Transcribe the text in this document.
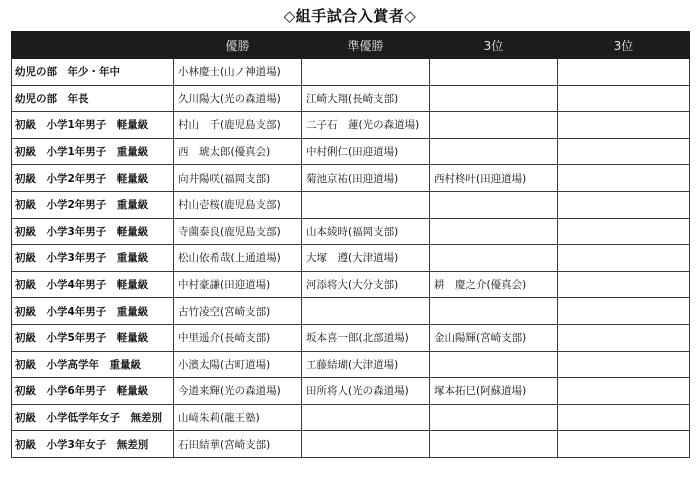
◇組手試合入賞者◇
	優勝	準優勝	3位	3位
幼児の部　年少・年中	小林慶士(山ノ神道場)			
幼児の部　年長	久川陽大(光の森道場)	江崎大翔(長崎支部)		
初級　小学1年男子　軽量級	村山　千(鹿児島支部)	二子石　蓮(光の森道場)		
初級　小学1年男子　重量級	西　琥太郎(優真会)	中村俐仁(田迎道場)		
初級　小学2年男子　軽量級	向井陽咲(福岡支部)	菊池京祐(田迎道場)	西村柊叶(田迎道場)	
初級　小学2年男子　重量級	村山壱桜(鹿児島支部)			
初級　小学3年男子　軽量級	寺薗泰良(鹿児島支部)	山本綾時(福岡支部)		
初級　小学3年男子　重量級	松山依希哉(上通道場)	大塚　遵(大津道場)		
初級　小学4年男子　軽量級	中村豪謙(田迎道場)	河添将大(大分支部)	耕　慶之介(優真会)	
初級　小学4年男子　重量級	古竹凌空(宮崎支部)			
初級　小学5年男子　軽量級	中里遥介(長崎支部)	坂本喜一郎(北部道場)	金山陽輝(宮崎支部)	
初級　小学高学年　重量級	小濱太陽(古町道場)	工藤結瑚(大津道場)		
初級　小学6年男子　軽量級	今道来輝(光の森道場)	田所将人(光の森道場)	塚本拓巳(阿蘇道場)	
初級　小学低学年女子　無差別	山﨑朱莉(龍王塾)			
初級　小学3年女子　無差別	石田結華(宮崎支部)			
